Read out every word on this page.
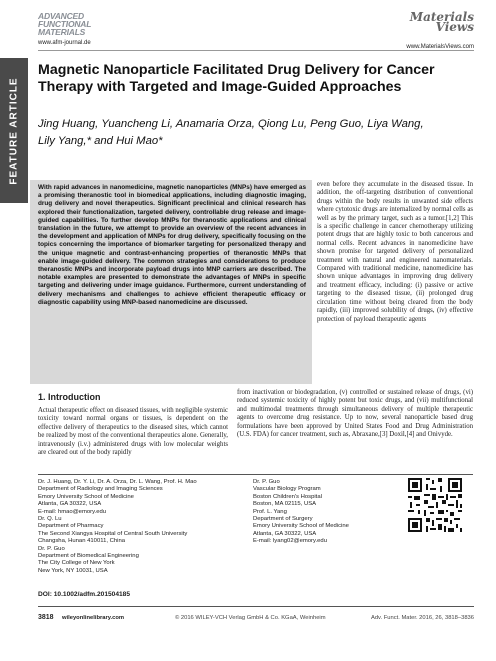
ADVANCED
FUNCTIONAL
MATERIALS
www.afm-journal.de
Materials
Views
www.MaterialsViews.com
FEATURE ARTICLE
Magnetic Nanoparticle Facilitated Drug Delivery for Cancer Therapy with Targeted and Image-Guided Approaches
Jing Huang, Yuancheng Li, Anamaria Orza, Qiong Lu, Peng Guo, Liya Wang,
Lily Yang,* and Hui Mao*
With rapid advances in nanomedicine, magnetic nanoparticles (MNPs) have emerged as a promising theranostic tool in biomedical applications, including diagnostic imaging, drug delivery and novel therapeutics. Significant preclinical and clinical research has explored their functionalization, targeted delivery, controllable drug release and image-guided capabilities. To further develop MNPs for theranostic applications and clinical translation in the future, we attempt to provide an overview of the recent advances in the development and application of MNPs for drug delivery, specifically focusing on the topics concerning the importance of biomarker targeting for personalized therapy and the unique magnetic and contrast-enhancing properties of theranostic MNPs that enable image-guided delivery. The common strategies and considerations to produce theranostic MNPs and incorporate payload drugs into MNP carriers are described. The notable examples are presented to demonstrate the advantages of MNPs in specific targeting and delivering under image guidance. Furthermore, current understanding of delivery mechanisms and challenges to achieve efficient therapeutic efficacy or diagnostic capability using MNP-based nanomedicine are discussed.
even before they accumulate in the diseased tissue. In addition, the off-targeting distribution of conventional drugs within the body results in unwanted side effects where cytotoxic drugs are internalized by normal cells as well as by the primary target, such as a tumor.[1,2] This is a specific challenge in cancer chemotherapy utilizing potent drugs that are highly toxic to both cancerous and normal cells. Recent advances in nanomedicine have shown promise for targeted delivery of personalized treatment with natural and engineered nanomaterials. Compared with traditional medicine, nanomedicine has shown unique advantages in improving drug delivery and treatment efficacy, including: (i) passive or active targeting to the diseased tissue, (ii) prolonged drug circulation time without being cleared from the body rapidly, (iii) improved solubility of drugs, (iv) effective protection of payload therapeutic agents
from inactivation or biodegradation, (v) controlled or sustained release of drugs, (vi) reduced systemic toxicity of highly potent but toxic drugs, and (vii) multifunctional and multimodal treatments through simultaneous delivery of multiple therapeutic agents to overcome drug resistance. Up to now, several nanoparticle based drug formulations have been approved by United States Food and Drug Administration (U.S. FDA) for cancer treatment, such as, Abraxane,[3] Doxil,[4] and Onivyde.
1. Introduction
Actual therapeutic effect on diseased tissues, with negligible systemic toxicity toward normal organs or tissues, is dependent on the effective delivery of therapeutics to the diseased sites, which cannot be realized by most of the conventional therapeutics alone. Generally, intravenously (i.v.) administered drugs with low molecular weights are cleared out of the body rapidly
Dr. J. Huang, Dr. Y. Li, Dr. A. Orza, Dr. L. Wang, Prof. H. Mao
Department of Radiology and Imaging Sciences
Emory University School of Medicine
Atlanta, GA 30322, USA
E-mail: hmao@emory.edu
Dr. Q. Lu
Department of Pharmacy
The Second Xiangya Hospital of Central South University
Changsha, Hunan 410011, China
Dr. P. Guo
Department of Biomedical Engineering
The City College of New York
New York, NY 10031, USA
Dr. P. Guo
Vascular Biology Program
Boston Children's Hospital
Boston, MA 02115, USA
Prof. L. Yang
Department of Surgery
Emory University School of Medicine
Atlanta, GA 30322, USA
E-mail: lyang02@emory.edu
DOI: 10.1002/adfm.201504185
3818 wileyonlinelibrary.com	© 2016 WILEY-VCH Verlag GmbH & Co. KGaA, Weinheim	Adv. Funct. Mater. 2016, 26, 3818–3836
